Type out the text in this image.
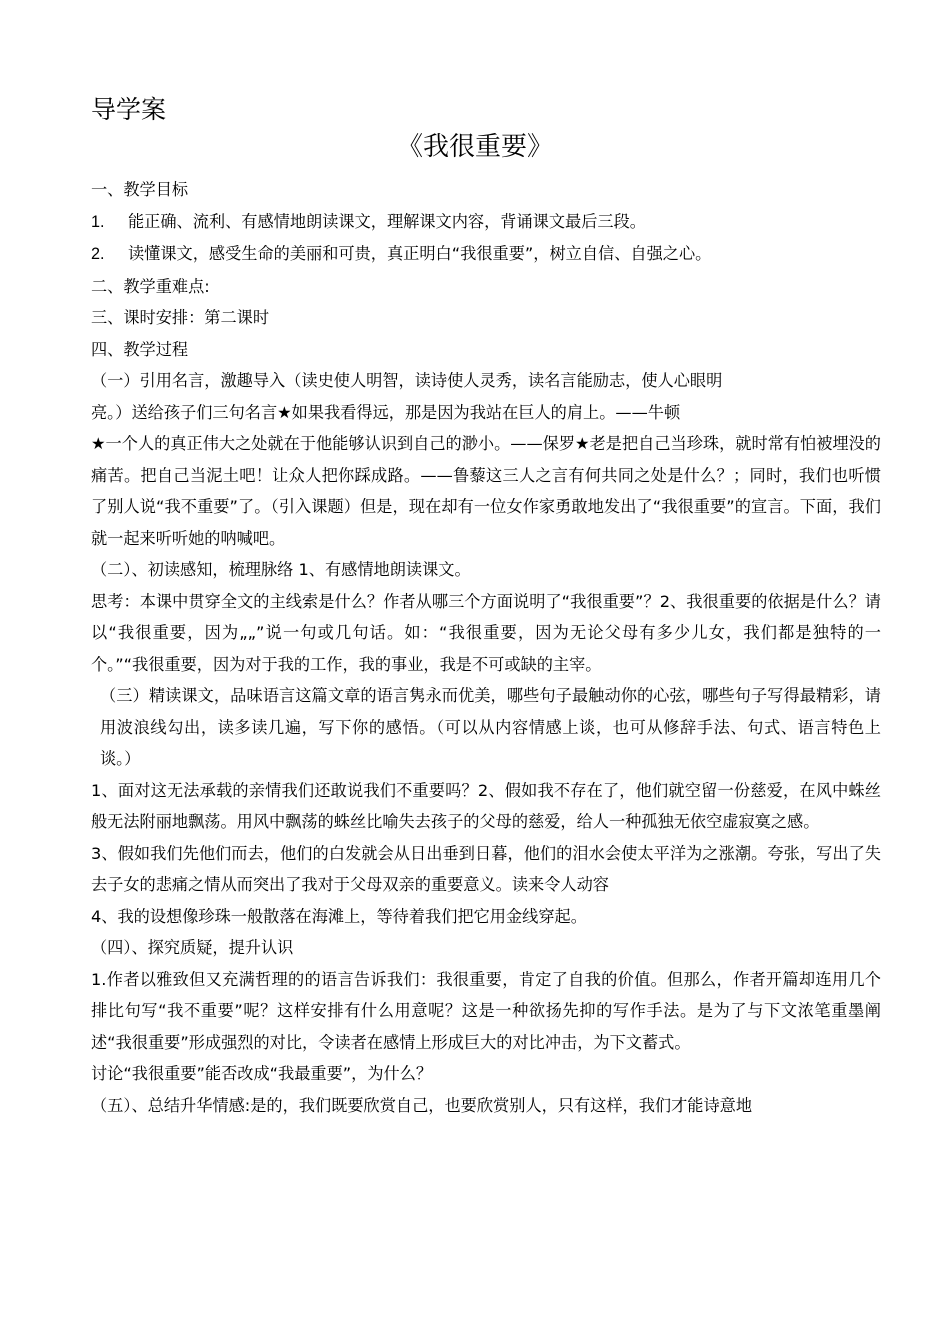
导学案
《我很重要》

一、教学目标

1. 能正确、流利、有感情地朗读课文，理解课文内容，背诵课文最后三段。

2. 读懂课文，感受生命的美丽和可贵，真正明白“我很重要”，树立自信、自强之心。

二、教学重难点:

三、课时安排：第二课时

四、教学过程

（一）引用名言，激趣导入（读史使人明智，读诗使人灵秀，读名言能励志，使人心眼明

亮。）送给孩子们三句名言★如果我看得远，那是因为我站在巨人的肩上。——牛顿

★一个人的真正伟大之处就在于他能够认识到自己的渺小。——保罗★老是把自己当珍珠，就时常有怕被埋没的痛苦。把自己当泥土吧！让众人把你踩成路。——鲁藜这三人之言有何共同之处是什么？；同时，我们也听惯了别人说“我不重要”了。（引入课题）但是，现在却有一位女作家勇敢地发出了“我很重要”的宣言。下面，我们就一起来听听她的呐喊吧。

（二）、初读感知，梳理脉络 1、有感情地朗读课文。

思考：本课中贯穿全文的主线索是什么？作者从哪三个方面说明了“我很重要”？2、我很重要的依据是什么？请以“我很重要，因为„„”说一句或几句话。如：“我很重要，因为无论父母有多少儿女，我们都是独特的一个。”“我很重要，因为对于我的工作，我的事业，我是不可或缺的主宰。

（三）精读课文，品味语言这篇文章的语言隽永而优美，哪些句子最触动你的心弦，哪些句子写得最精彩，请用波浪线勾出，读多读几遍，写下你的感悟。（可以从内容情感上谈，也可从修辞手法、句式、语言特色上谈。）

1、面对这无法承载的亲情我们还敢说我们不重要吗？2、假如我不存在了，他们就空留一份慈爱，在风中蛛丝般无法附丽地飘荡。用风中飘荡的蛛丝比喻失去孩子的父母的慈爱，给人一种孤独无依空虚寂寞之感。

3、假如我们先他们而去，他们的白发就会从日出垂到日暮，他们的泪水会使太平洋为之涨潮。夸张，写出了失去子女的悲痛之情从而突出了我对于父母双亲的重要意义。读来令人动容

4、我的设想像珍珠一般散落在海滩上，等待着我们把它用金线穿起。

（四）、探究质疑，提升认识

1.作者以雅致但又充满哲理的的语言告诉我们：我很重要，肯定了自我的价值。但那么，作者开篇却连用几个排比句写“我不重要”呢？这样安排有什么用意呢？这是一种欲扬先抑的写作手法。是为了与下文浓笔重墨阐述“我很重要”形成强烈的对比，令读者在感情上形成巨大的对比冲击，为下文蓄式。

讨论“我很重要”能否改成“我最重要”，为什么？

（五）、总结升华情感:是的，我们既要欣赏自己，也要欣赏别人，只有这样，我们才能诗意地
